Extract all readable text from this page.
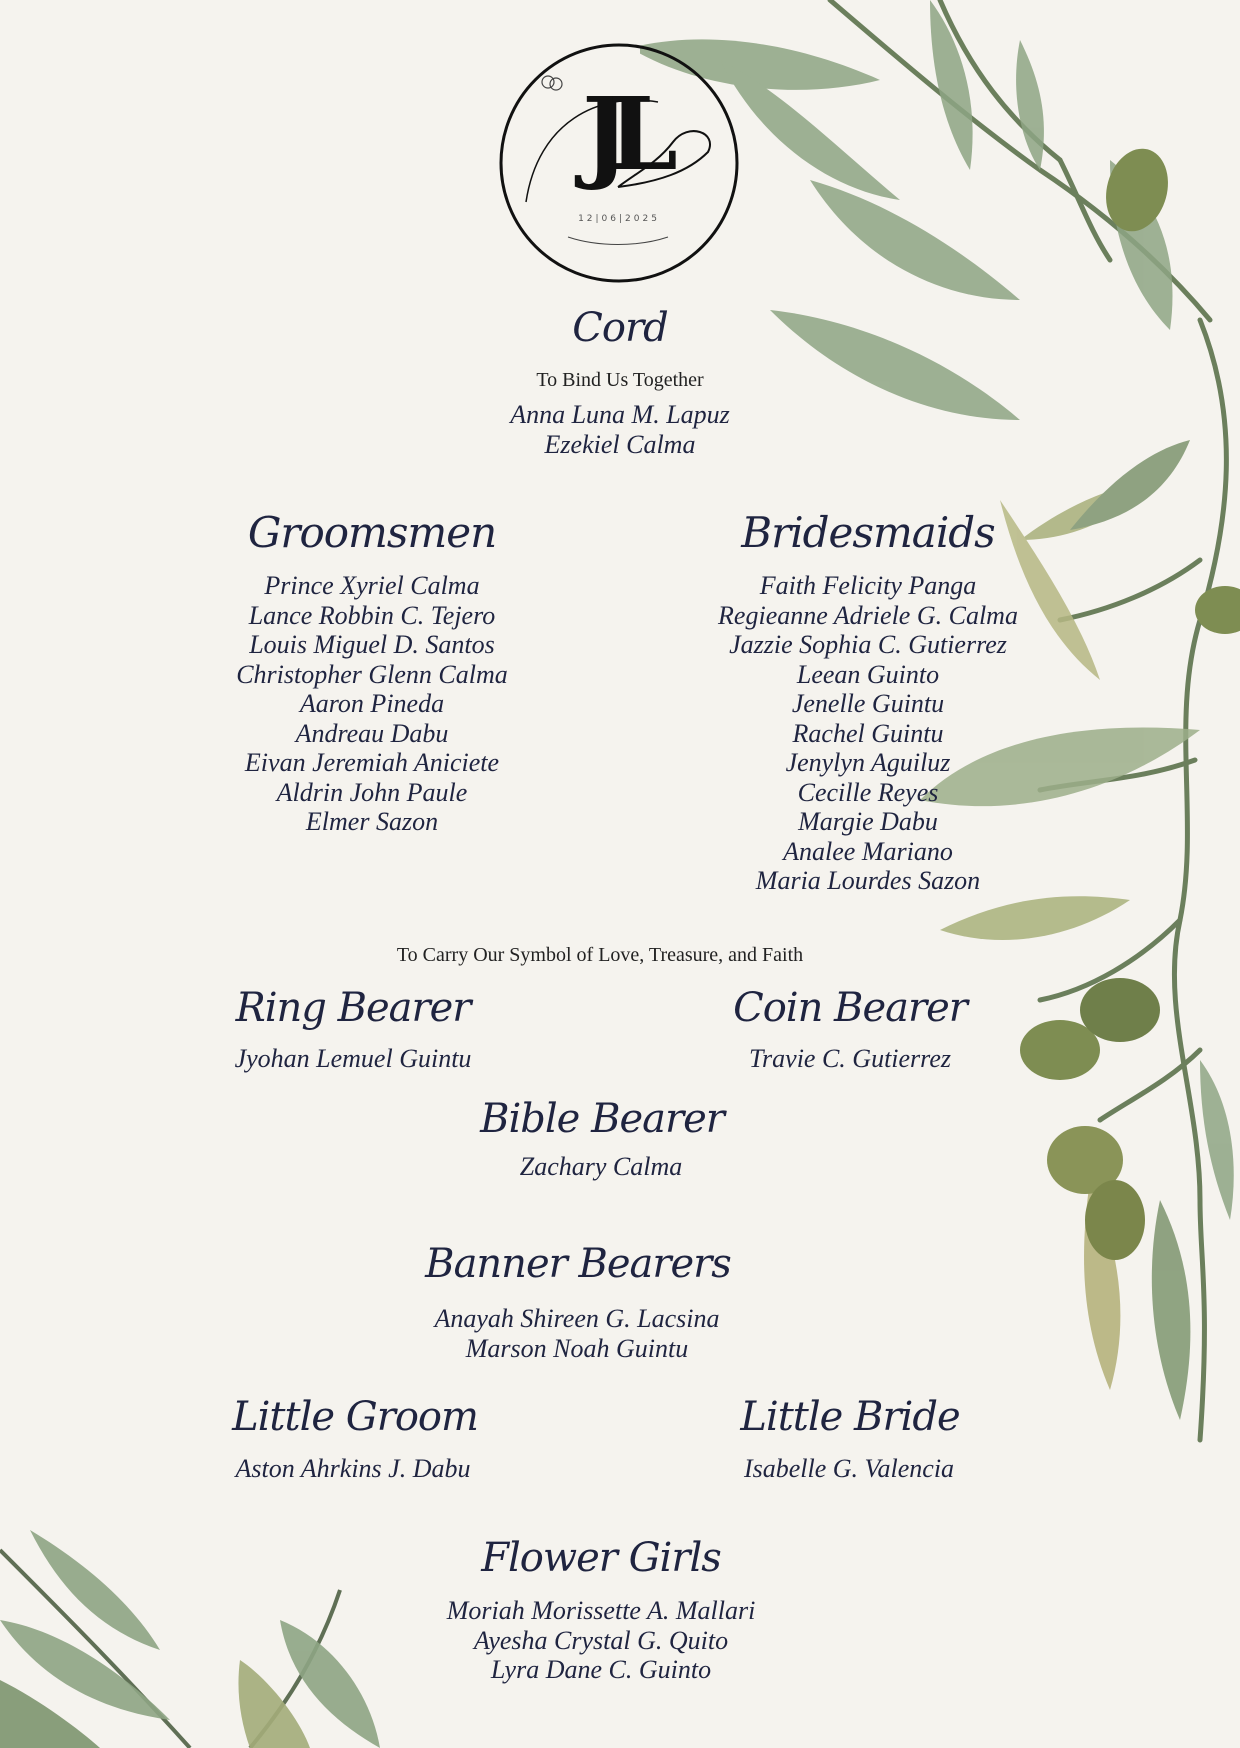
JL
12|06|2025
Cord
To Bind Us Together
Anna Luna M. Lapuz
Ezekiel Calma
Groomsmen
Prince Xyriel Calma
Lance Robbin C. Tejero
Louis Miguel D. Santos
Christopher Glenn Calma
Aaron Pineda
Andreau Dabu
Eivan Jeremiah Aniciete
Aldrin John Paule
Elmer Sazon
Bridesmaids
Faith Felicity Panga
Regieanne Adriele G. Calma
Jazzie Sophia C. Gutierrez
Leean Guinto
Jenelle Guintu
Rachel Guintu
Jenylyn Aguiluz
Cecille Reyes
Margie Dabu
Analee Mariano
Maria Lourdes Sazon
To Carry Our Symbol of Love, Treasure, and Faith
Ring Bearer
Jyohan Lemuel Guintu
Coin Bearer
Travie C. Gutierrez
Bible Bearer
Zachary Calma
Banner Bearers
Anayah Shireen G. Lacsina
Marson Noah Guintu
Little Groom
Aston Ahrkins J. Dabu
Little Bride
Isabelle G. Valencia
Flower Girls
Moriah Morissette A. Mallari
Ayesha Crystal G. Quito
Lyra Dane C. Guinto
